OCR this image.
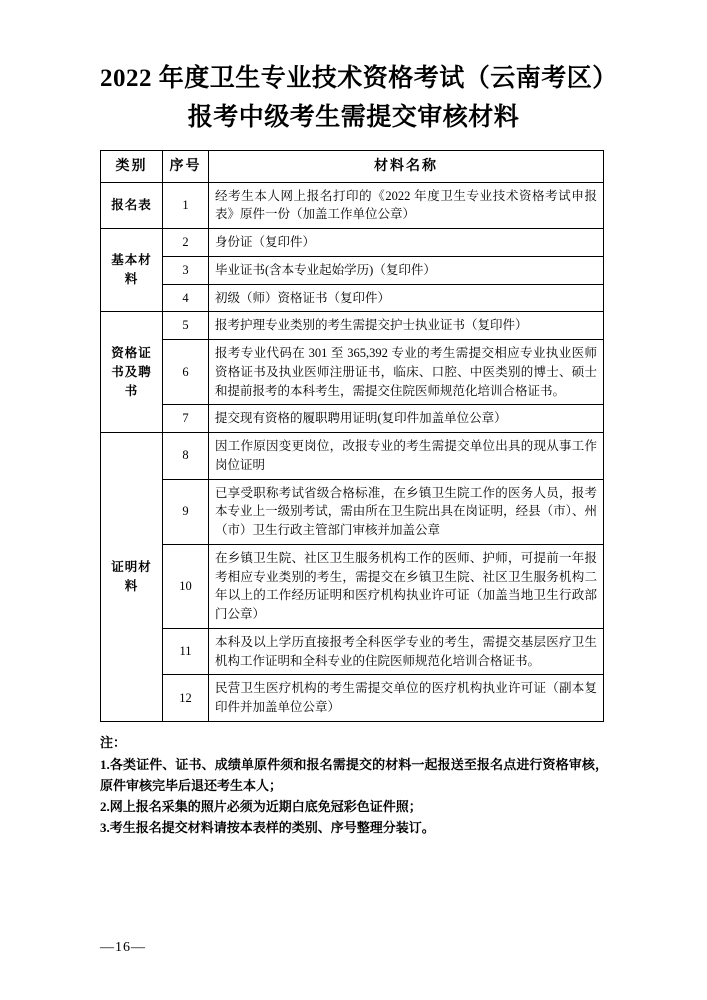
2022 年度卫生专业技术资格考试（云南考区）
报考中级考生需提交审核材料
类别	序号	材料名称
报名表	1	经考生本人网上报名打印的《2022 年度卫生专业技术资格考试申报表》原件一份（加盖工作单位公章）
基本材料	2	身份证（复印件）
	3	毕业证书(含本专业起始学历)（复印件）
	4	初级（师）资格证书（复印件）
资格证书及聘书	5	报考护理专业类别的考生需提交护士执业证书（复印件）
	6	报考专业代码在 301 至 365,392 专业的考生需提交相应专业执业医师资格证书及执业医师注册证书，临床、口腔、中医类别的博士、硕士和提前报考的本科考生，需提交住院医师规范化培训合格证书。
	7	提交现有资格的履职聘用证明(复印件加盖单位公章）
证明材料	8	因工作原因变更岗位，改报专业的考生需提交单位出具的现从事工作岗位证明
	9	已享受职称考试省级合格标准，在乡镇卫生院工作的医务人员，报考本专业上一级别考试，需由所在卫生院出具在岗证明，经县（市）、州（市）卫生行政主管部门审核并加盖公章
	10	在乡镇卫生院、社区卫生服务机构工作的医师、护师，可提前一年报考相应专业类别的考生，需提交在乡镇卫生院、社区卫生服务机构二年以上的工作经历证明和医疗机构执业许可证（加盖当地卫生行政部门公章）
	11	本科及以上学历直接报考全科医学专业的考生，需提交基层医疗卫生机构工作证明和全科专业的住院医师规范化培训合格证书。
	12	民营卫生医疗机构的考生需提交单位的医疗机构执业许可证（副本复印件并加盖单位公章）

注：

1.各类证件、证书、成绩单原件须和报名需提交的材料一起报送至报名点进行资格审核，原件审核完毕后退还考生本人；

2.网上报名采集的照片必须为近期白底免冠彩色证件照；

3.考生报名提交材料请按本表样的类别、序号整理分装订。

—16—
